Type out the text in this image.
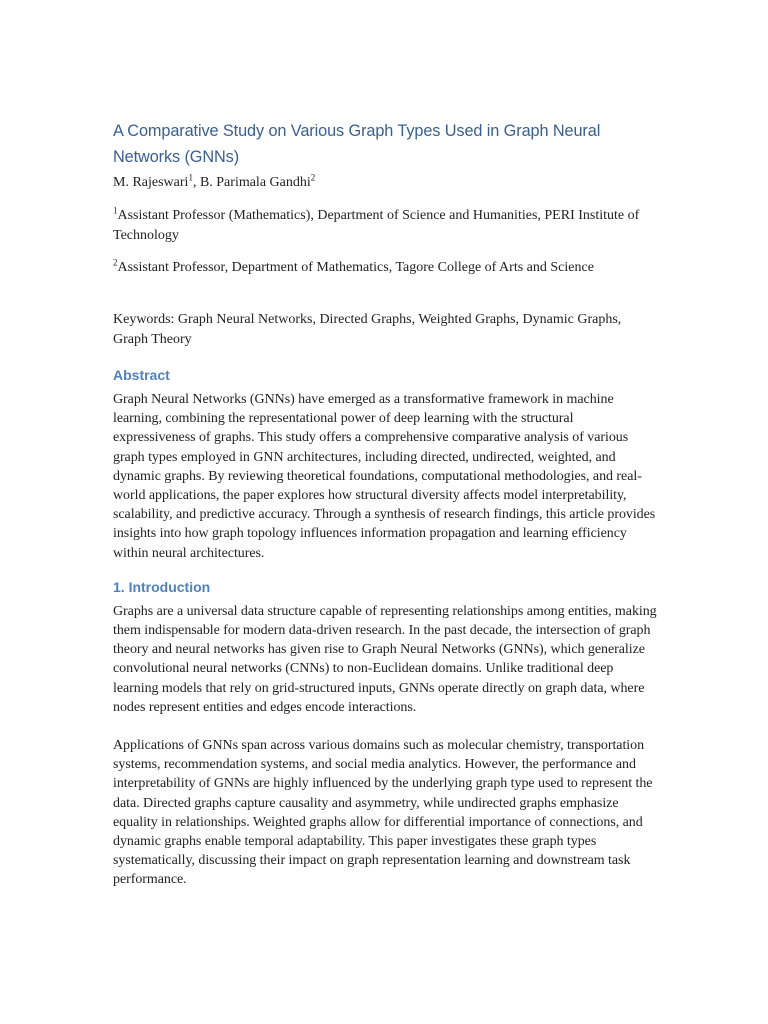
A Comparative Study on Various Graph Types Used in Graph Neural Networks (GNNs)

M. Rajeswari$^1$, B. Parimala Gandhi$^2$

$^1$Assistant Professor (Mathematics), Department of Science and Humanities, PERI Institute of Technology

$^2$Assistant Professor, Department of Mathematics, Tagore College of Arts and Science

Keywords: Graph Neural Networks, Directed Graphs, Weighted Graphs, Dynamic Graphs, Graph Theory

Abstract

Graph Neural Networks (GNNs) have emerged as a transformative framework in machine learning, combining the representational power of deep learning with the structural expressiveness of graphs. This study offers a comprehensive comparative analysis of various graph types employed in GNN architectures, including directed, undirected, weighted, and dynamic graphs. By reviewing theoretical foundations, computational methodologies, and real-world applications, the paper explores how structural diversity affects model interpretability, scalability, and predictive accuracy. Through a synthesis of research findings, this article provides insights into how graph topology influences information propagation and learning efficiency within neural architectures.

1. Introduction

Graphs are a universal data structure capable of representing relationships among entities, making them indispensable for modern data-driven research. In the past decade, the intersection of graph theory and neural networks has given rise to Graph Neural Networks (GNNs), which generalize convolutional neural networks (CNNs) to non-Euclidean domains. Unlike traditional deep learning models that rely on grid-structured inputs, GNNs operate directly on graph data, where nodes represent entities and edges encode interactions.

Applications of GNNs span across various domains such as molecular chemistry, transportation systems, recommendation systems, and social media analytics. However, the performance and interpretability of GNNs are highly influenced by the underlying graph type used to represent the data. Directed graphs capture causality and asymmetry, while undirected graphs emphasize equality in relationships. Weighted graphs allow for differential importance of connections, and dynamic graphs enable temporal adaptability. This paper investigates these graph types systematically, discussing their impact on graph representation learning and downstream task performance.
